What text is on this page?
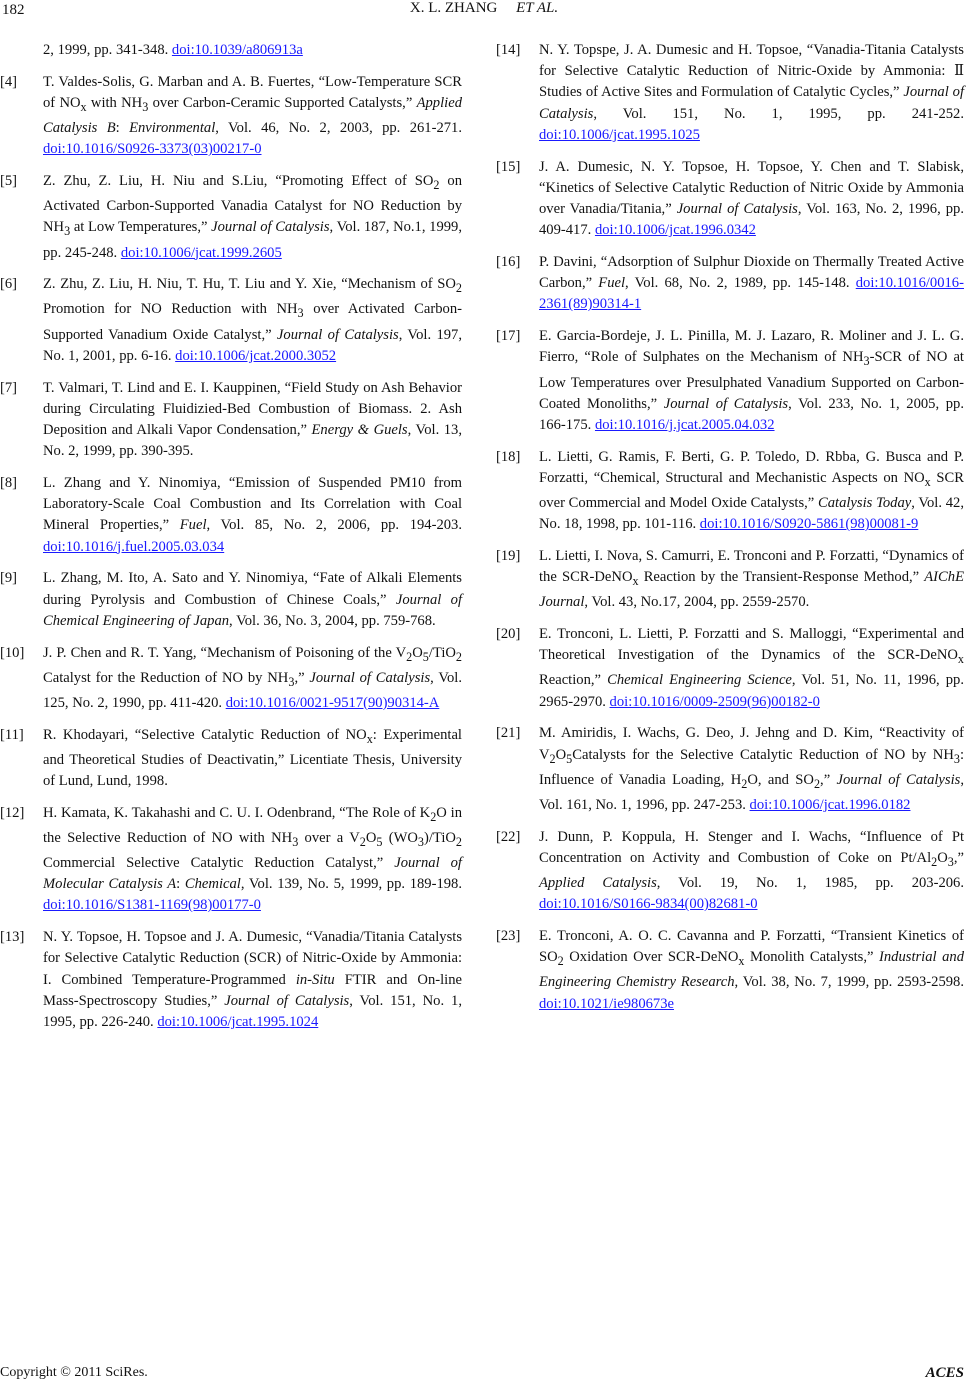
182	X. L. ZHANG ET AL.
2, 1999, pp. 341-348. doi:10.1039/a806913a
[4] T. Valdes-Solis, G. Marban and A. B. Fuertes, “Low-Temperature SCR of $NO_x$ with $NH_3$ over Carbon-Ceramic Supported Catalysts,” Applied Catalysis B: Environmental, Vol. 46, No. 2, 2003, pp. 261-271. doi:10.1016/S0926-3373(03)00217-0
[5] Z. Zhu, Z. Liu, H. Niu and S.Liu, “Promoting Effect of $SO_2$ on Activated Carbon-Supported Vanadia Catalyst for NO Reduction by $NH_3$ at Low Temperatures,” Journal of Catalysis, Vol. 187, No.1, 1999, pp. 245-248. doi:10.1006/jcat.1999.2605
[6] Z. Zhu, Z. Liu, H. Niu, T. Hu, T. Liu and Y. Xie, “Mechanism of $SO_2$ Promotion for NO Reduction with $NH_3$ over Activated Carbon-Supported Vanadium Oxide Catalyst,” Journal of Catalysis, Vol. 197, No. 1, 2001, pp. 6-16. doi:10.1006/jcat.2000.3052
[7] T. Valmari, T. Lind and E. I. Kauppinen, “Field Study on Ash Behavior during Circulating Fluidizied-Bed Combustion of Biomass. 2. Ash Deposition and Alkali Vapor Condensation,” Energy & Guels, Vol. 13, No. 2, 1999, pp. 390-395.
[8] L. Zhang and Y. Ninomiya, “Emission of Suspended PM10 from Laboratory-Scale Coal Combustion and Its Correlation with Coal Mineral Properties,” Fuel, Vol. 85, No. 2, 2006, pp. 194-203. doi:10.1016/j.fuel.2005.03.034
[9] L. Zhang, M. Ito, A. Sato and Y. Ninomiya, “Fate of Alkali Elements during Pyrolysis and Combustion of Chinese Coals,” Journal of Chemical Engineering of Japan, Vol. 36, No. 3, 2004, pp. 759-768.
[10] J. P. Chen and R. T. Yang, “Mechanism of Poisoning of the $V_2O_5/TiO_2$ Catalyst for the Reduction of NO by $NH_3$,” Journal of Catalysis, Vol. 125, No. 2, 1990, pp. 411-420. doi:10.1016/0021-9517(90)90314-A
[11] R. Khodayari, “Selective Catalytic Reduction of $NO_x$: Experimental and Theoretical Studies of Deactivatin,” Licentiate Thesis, University of Lund, Lund, 1998.
[12] H. Kamata, K. Takahashi and C. U. I. Odenbrand, “The Role of $K_2O$ in the Selective Reduction of NO with $NH_3$ over a $V_2O_5$ $(WO_3)/TiO_2$ Commercial Selective Catalytic Reduction Catalyst,” Journal of Molecular Catalysis A: Chemical, Vol. 139, No. 5, 1999, pp. 189-198. doi:10.1016/S1381-1169(98)00177-0
[13] N. Y. Topsoe, H. Topsoe and J. A. Dumesic, “Vanadia/Titania Catalysts for Selective Catalytic Reduction (SCR) of Nitric-Oxide by Ammonia: I. Combined Temperature-Programmed in-Situ FTIR and On-line Mass-Spectroscopy Studies,” Journal of Catalysis, Vol. 151, No. 1, 1995, pp. 226-240. doi:10.1006/jcat.1995.1024
[14] N. Y. Topspe, J. A. Dumesic and H. Topsoe, “Vanadia-Titania Catalysts for Selective Catalytic Reduction of Nitric-Oxide by Ammonia: Ⅱ Studies of Active Sites and Formulation of Catalytic Cycles,” Journal of Catalysis, Vol. 151, No. 1, 1995, pp. 241-252. doi:10.1006/jcat.1995.1025
[15] J. A. Dumesic, N. Y. Topsoe, H. Topsoe, Y. Chen and T. Slabisk, “Kinetics of Selective Catalytic Reduction of Nitric Oxide by Ammonia over Vanadia/Titania,” Journal of Catalysis, Vol. 163, No. 2, 1996, pp. 409-417. doi:10.1006/jcat.1996.0342
[16] P. Davini, “Adsorption of Sulphur Dioxide on Thermally Treated Active Carbon,” Fuel, Vol. 68, No. 2, 1989, pp. 145-148. doi:10.1016/0016-2361(89)90314-1
[17] E. Garcia-Bordeje, J. L. Pinilla, M. J. Lazaro, R. Moliner and J. L. G. Fierro, “Role of Sulphates on the Mechanism of $NH_3$-SCR of NO at Low Temperatures over Presulphated Vanadium Supported on Carbon-Coated Monoliths,” Journal of Catalysis, Vol. 233, No. 1, 2005, pp. 166-175. doi:10.1016/j.jcat.2005.04.032
[18] L. Lietti, G. Ramis, F. Berti, G. P. Toledo, D. Rbba, G. Busca and P. Forzatti, “Chemical, Structural and Mechanistic Aspects on $NO_x$ SCR over Commercial and Model Oxide Catalysts,” Catalysis Today, Vol. 42, No. 18, 1998, pp. 101-116. doi:10.1016/S0920-5861(98)00081-9
[19] L. Lietti, I. Nova, S. Camurri, E. Tronconi and P. Forzatti, “Dynamics of the SCR-DeNO$_x$ Reaction by the Transient-Response Method,” AIChE Journal, Vol. 43, No.17, 2004, pp. 2559-2570.
[20] E. Tronconi, L. Lietti, P. Forzatti and S. Malloggi, “Experimental and Theoretical Investigation of the Dynamics of the SCR-DeNO$_x$ Reaction,” Chemical Engineering Science, Vol. 51, No. 11, 1996, pp. 2965-2970. doi:10.1016/0009-2509(96)00182-0
[21] M. Amiridis, I. Wachs, G. Deo, J. Jehng and D. Kim, “Reactivity of $V_2O_5Catalysts$ for the Selective Catalytic Reduction of NO by $NH_3$: Influence of Vanadia Loading, $H_2O$, and $SO_2$,” Journal of Catalysis, Vol. 161, No. 1, 1996, pp. 247-253. doi:10.1006/jcat.1996.0182
[22] J. Dunn, P. Koppula, H. Stenger and I. Wachs, “Influence of Pt Concentration on Activity and Combustion of Coke on $Pt/Al_2O_3$,” Applied Catalysis, Vol. 19, No. 1, 1985, pp. 203-206. doi:10.1016/S0166-9834(00)82681-0
[23] E. Tronconi, A. O. C. Cavanna and P. Forzatti, “Transient Kinetics of $SO_2$ Oxidation Over SCR-DeNO$_x$ Monolith Catalysts,” Industrial and Engineering Chemistry Research, Vol. 38, No. 7, 1999, pp. 2593-2598. doi:10.1021/ie980673e
Copyright © 2011 SciRes.	ACES
